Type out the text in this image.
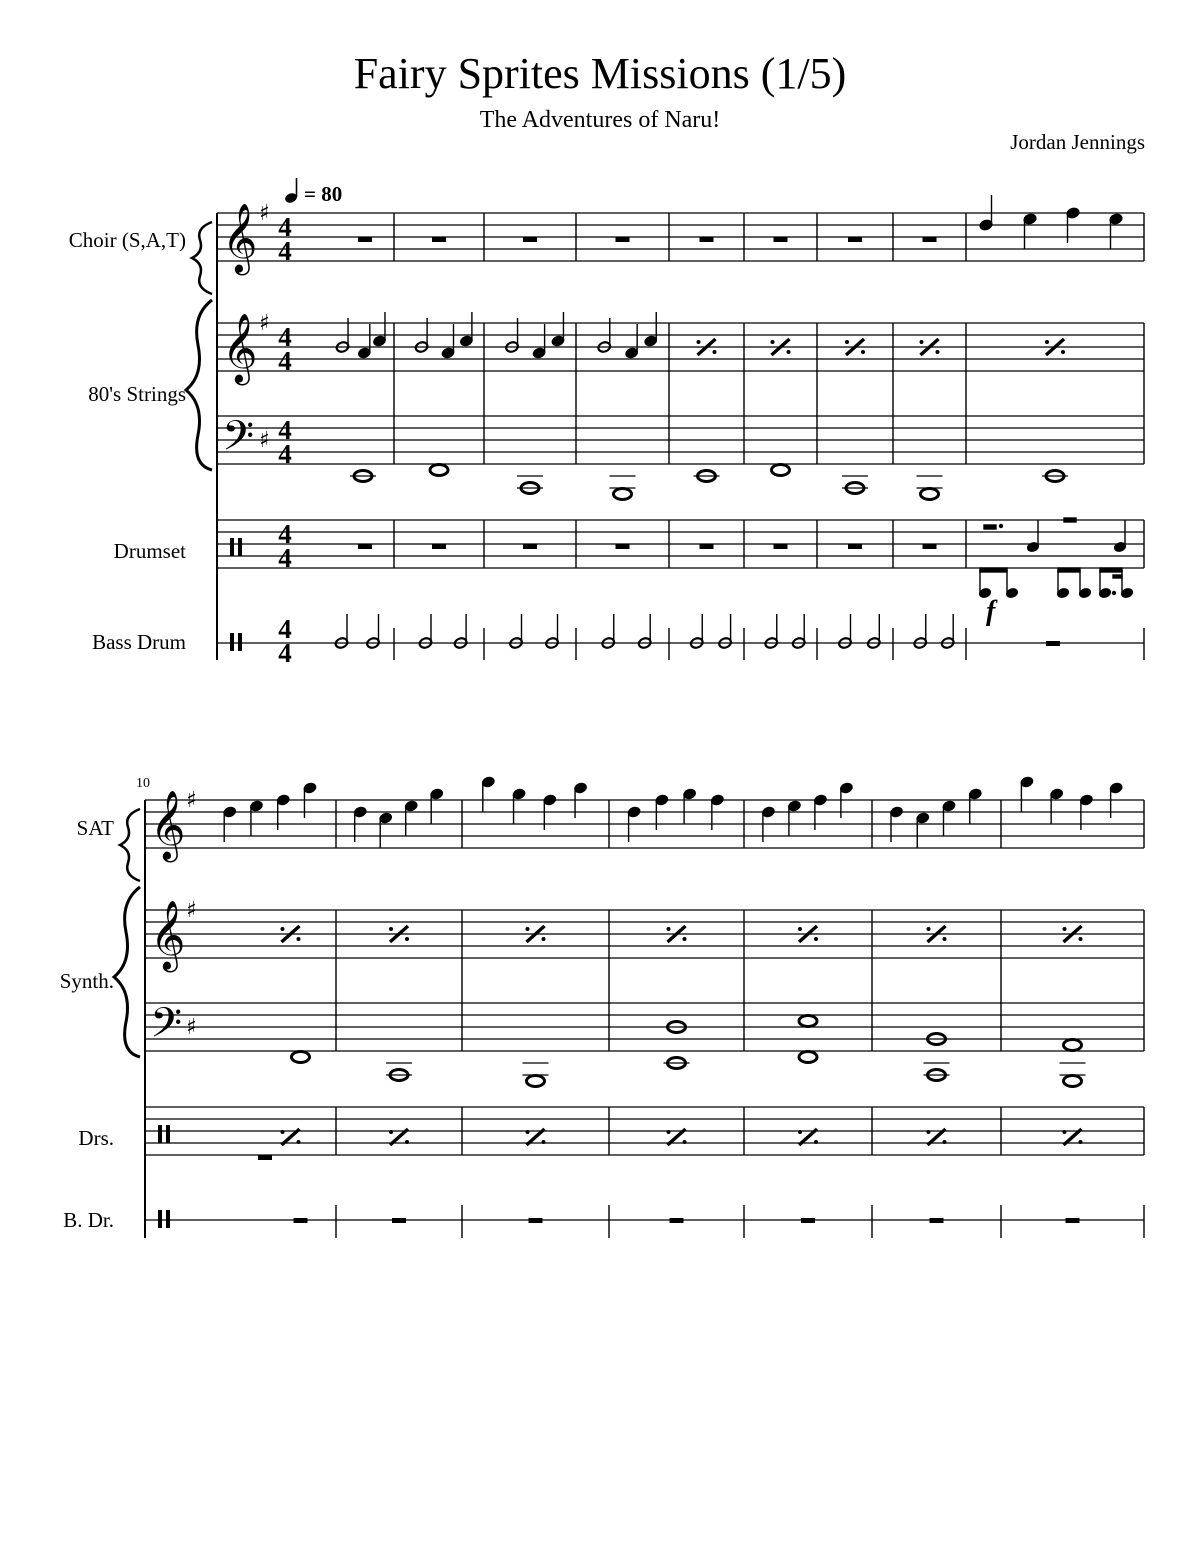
Fairy Sprites Missions (1/5)
The Adventures of Naru!
Jordan Jennings
Choir (S,A,T)
80's Strings
Drumset
Bass Drum
10
SAT
Synth.
Drs.
B. Dr.
= 80
𝄞
𝄞
𝄢
♯
♯
♯
4
4
4
4
4
4
4
4
4
4
f
𝄞
𝄞
𝄢
♯
♯
♯
